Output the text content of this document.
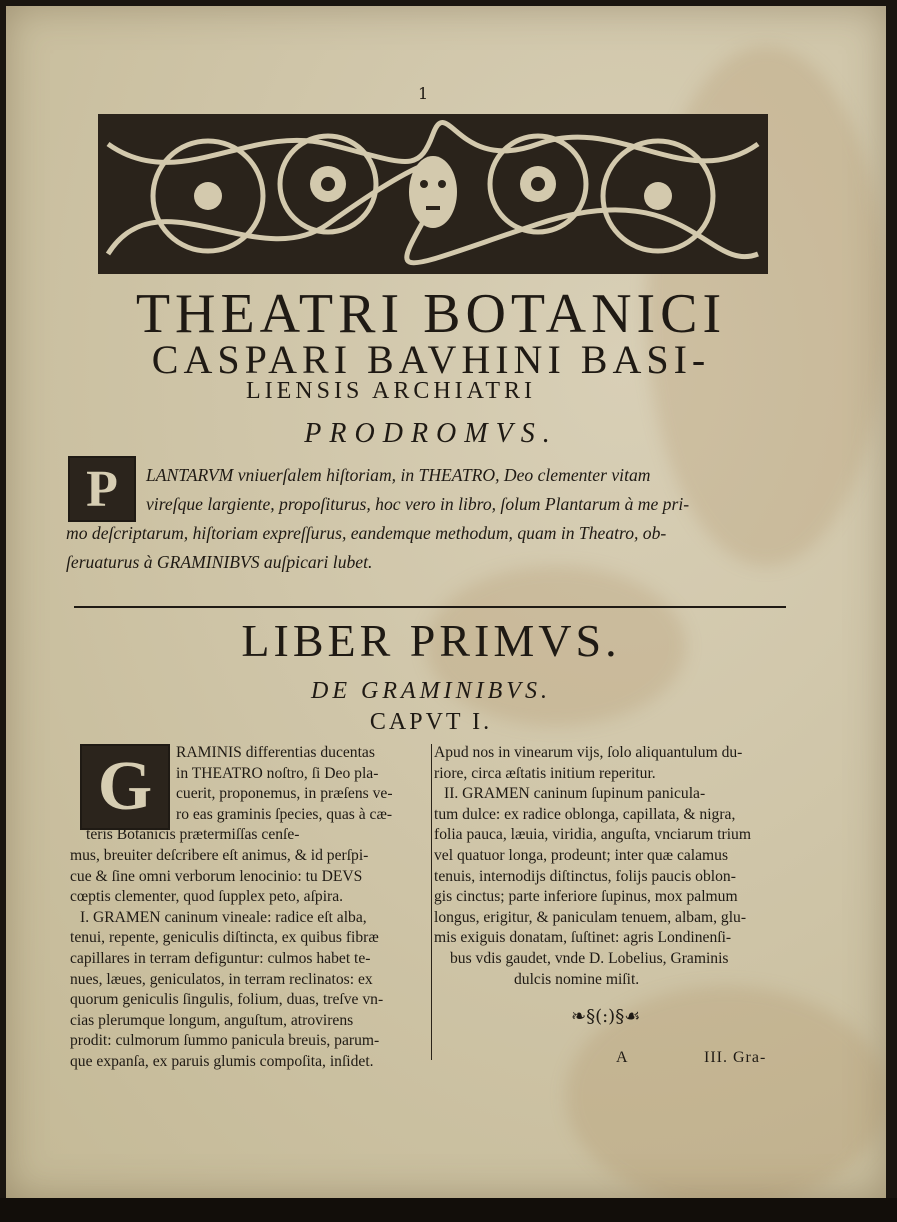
1
THEATRI BOTANICI
CASPARI BAVHINI BASI-
LIENSIS ARCHIATRI
PRODROMVS.
P	LANTARVM vniuerſalem hiſtoriam, in THEATRO, Deo clementer vitam

vireſque largiente, propoſiturus, hoc vero in libro, ſolum Plantarum à me pri-

mo deſcriptarum, hiſtoriam expreſſurus, eandemque methodum, quam in Theatro, ob-

ſeruaturus à GRAMINIBVS auſpicari lubet.

LIBER PRIMVS.
DE GRAMINIBVS.
CAPVT I.
G	RAMINIS differentias ducentas

in THEATRO noſtro, ſi Deo pla-

cuerit, proponemus, in præſens ve-

ro eas graminis ſpecies, quas à cæ-

teris Botanicis prætermiſſas cenſe-

mus, breuiter deſcribere eſt animus, & id perſpi-

cue & ſine omni verborum lenocinio: tu DEVS

cœptis clementer, quod ſupplex peto, aſpira.

I. GRAMEN caninum vineale: radice eſt alba,

tenui, repente, geniculis diſtincta, ex quibus fibræ

capillares in terram defiguntur: culmos habet te-

nues, læues, geniculatos, in terram reclinatos: ex

quorum geniculis ſingulis, folium, duas, treſve vn-

cias plerumque longum, anguſtum, atrovirens

prodit: culmorum ſummo panicula breuis, parum-

que expanſa, ex paruis glumis compoſita, inſidet.

Apud nos in vinearum vijs, ſolo aliquantulum du-

riore, circa æſtatis initium reperitur.

II. GRAMEN caninum ſupinum panicula-

tum dulce: ex radice oblonga, capillata, & nigra,

folia pauca, læuia, viridia, anguſta, vnciarum trium

vel quatuor longa, prodeunt; inter quæ calamus

tenuis, internodijs diſtinctus, folijs paucis oblon-

gis cinctus; parte inferiore ſupinus, mox palmum

longus, erigitur, & paniculam tenuem, albam, glu-

mis exiguis donatam, ſuſtinet: agris Londinenſi-

bus vdis gaudet, vnde D. Lobelius, Graminis

dulcis nomine miſit.

❧§(:)§☙
A	III. Gra-
